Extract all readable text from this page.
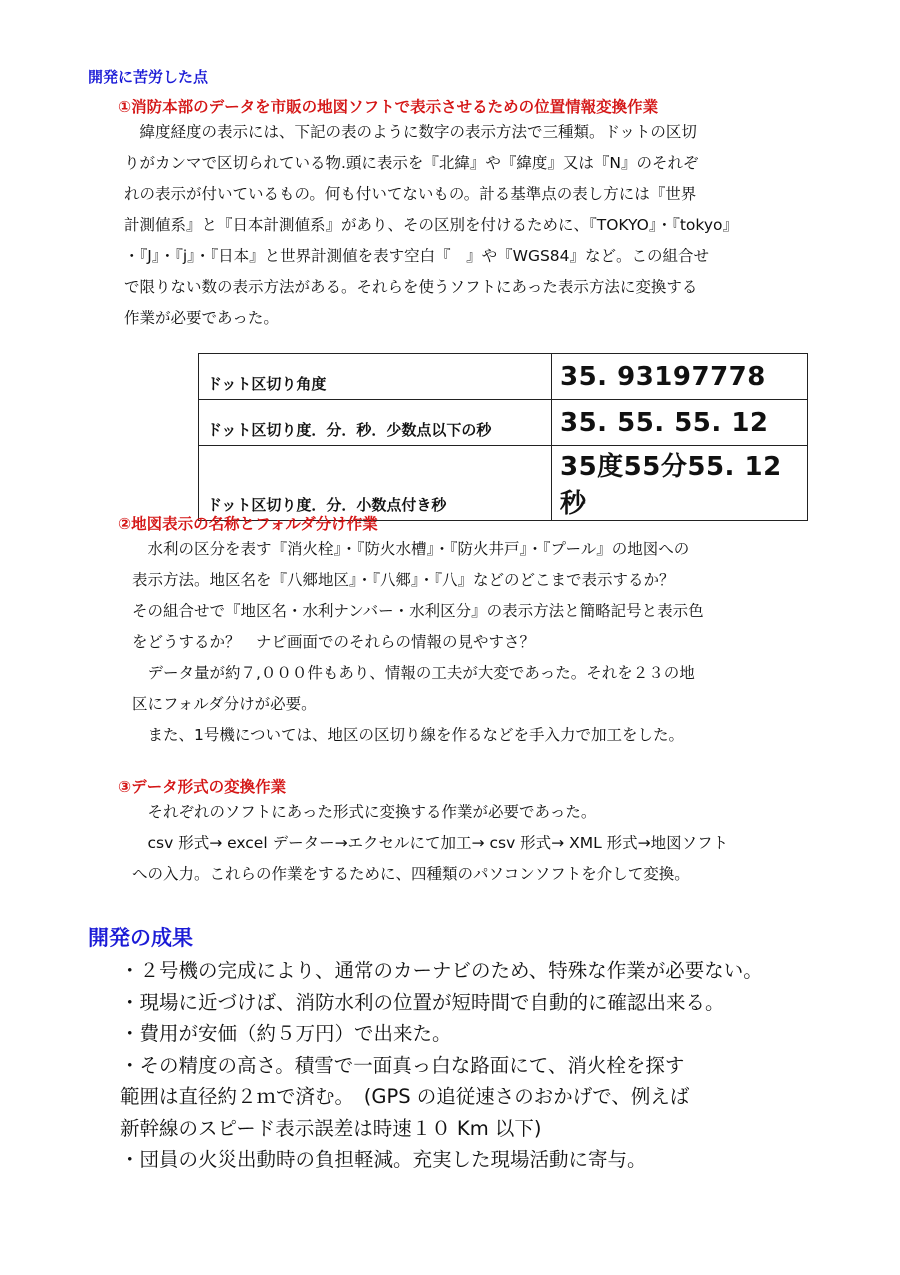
開発に苦労した点
①消防本部のデータを市販の地図ソフトで表示させるための位置情報変換作業

　緯度経度の表示には、下記の表のように数字の表示方法で三種類。ドットの区切

りがカンマで区切られている物.頭に表示を『北緯』や『緯度』又は『N』のそれぞ

れの表示が付いているもの。何も付いてないもの。計る基準点の表し方には『世界

計測値系』と『日本計測値系』があり、その区別を付けるために、『TOKYO』・『tokyo』

・『J』・『j』・『日本』と世界計測値を表す空白『　』や『WGS84』など。この組合せ

で限りない数の表示方法がある。それらを使うソフトにあった表示方法に変換する

作業が必要であった。

ドット区切り角度	35. 93197778
ドット区切り度．分．秒．少数点以下の秒	35. 55. 55. 12
ドット区切り度．分．小数点付き秒	35度55分55. 12秒
②地図表示の名称とフォルダ分け作業

　水利の区分を表す『消火栓』・『防火水槽』・『防火井戸』・『プール』の地図への

表示方法。地区名を『八郷地区』・『八郷』・『八』などのどこまで表示するか？

その組合せで『地区名・水利ナンバー・水利区分』の表示方法と簡略記号と表示色

をどうするか？　ナビ画面でのそれらの情報の見やすさ？

　データ量が約７,０００件もあり、情報の工夫が大変であった。それを２３の地

区にフォルダ分けが必要。

　また、1号機については、地区の区切り線を作るなどを手入力で加工をした。

③データ形式の変換作業

　それぞれのソフトにあった形式に変換する作業が必要であった。

　csv 形式→ excel データー→エクセルにて加工→ csv 形式→ XML 形式→地図ソフト

への入力。これらの作業をするために、四種類のパソコンソフトを介して変換。

開発の成果

・２号機の完成により、通常のカーナビのため、特殊な作業が必要ない。

・現場に近づけば、消防水利の位置が短時間で自動的に確認出来る。

・費用が安価（約５万円）で出来た。

・その精度の高さ。積雪で一面真っ白な路面にて、消火栓を探す

範囲は直径約２ｍで済む。　(GPS の追従速さのおかげで、例えば

新幹線のスピード表示誤差は時速１０ Km 以下)

・団員の火災出動時の負担軽減。充実した現場活動に寄与。
